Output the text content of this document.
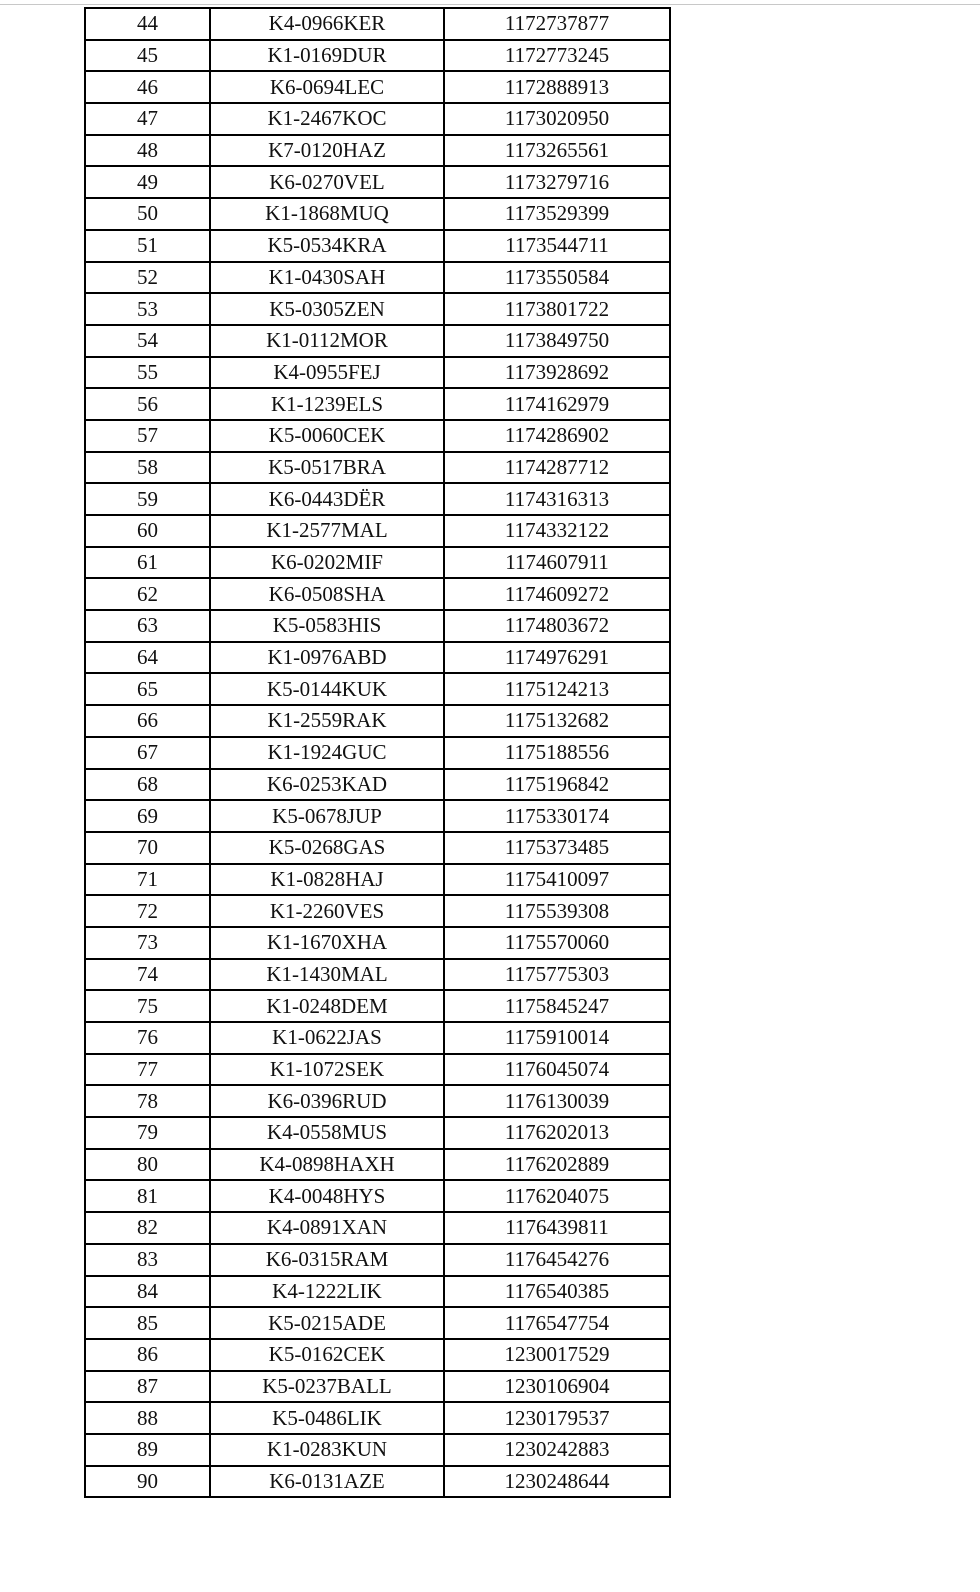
44	K4-0966KER	1172737877
45	K1-0169DUR	1172773245
46	K6-0694LEC	1172888913
47	K1-2467KOC	1173020950
48	K7-0120HAZ	1173265561
49	K6-0270VEL	1173279716
50	K1-1868MUQ	1173529399
51	K5-0534KRA	1173544711
52	K1-0430SAH	1173550584
53	K5-0305ZEN	1173801722
54	K1-0112MOR	1173849750
55	K4-0955FEJ	1173928692
56	K1-1239ELS	1174162979
57	K5-0060CEK	1174286902
58	K5-0517BRA	1174287712
59	K6-0443DËR	1174316313
60	K1-2577MAL	1174332122
61	K6-0202MIF	1174607911
62	K6-0508SHA	1174609272
63	K5-0583HIS	1174803672
64	K1-0976ABD	1174976291
65	K5-0144KUK	1175124213
66	K1-2559RAK	1175132682
67	K1-1924GUC	1175188556
68	K6-0253KAD	1175196842
69	K5-0678JUP	1175330174
70	K5-0268GAS	1175373485
71	K1-0828HAJ	1175410097
72	K1-2260VES	1175539308
73	K1-1670XHA	1175570060
74	K1-1430MAL	1175775303
75	K1-0248DEM	1175845247
76	K1-0622JAS	1175910014
77	K1-1072SEK	1176045074
78	K6-0396RUD	1176130039
79	K4-0558MUS	1176202013
80	K4-0898HAXH	1176202889
81	K4-0048HYS	1176204075
82	K4-0891XAN	1176439811
83	K6-0315RAM	1176454276
84	K4-1222LIK	1176540385
85	K5-0215ADE	1176547754
86	K5-0162CEK	1230017529
87	K5-0237BALL	1230106904
88	K5-0486LIK	1230179537
89	K1-0283KUN	1230242883
90	K6-0131AZE	1230248644
